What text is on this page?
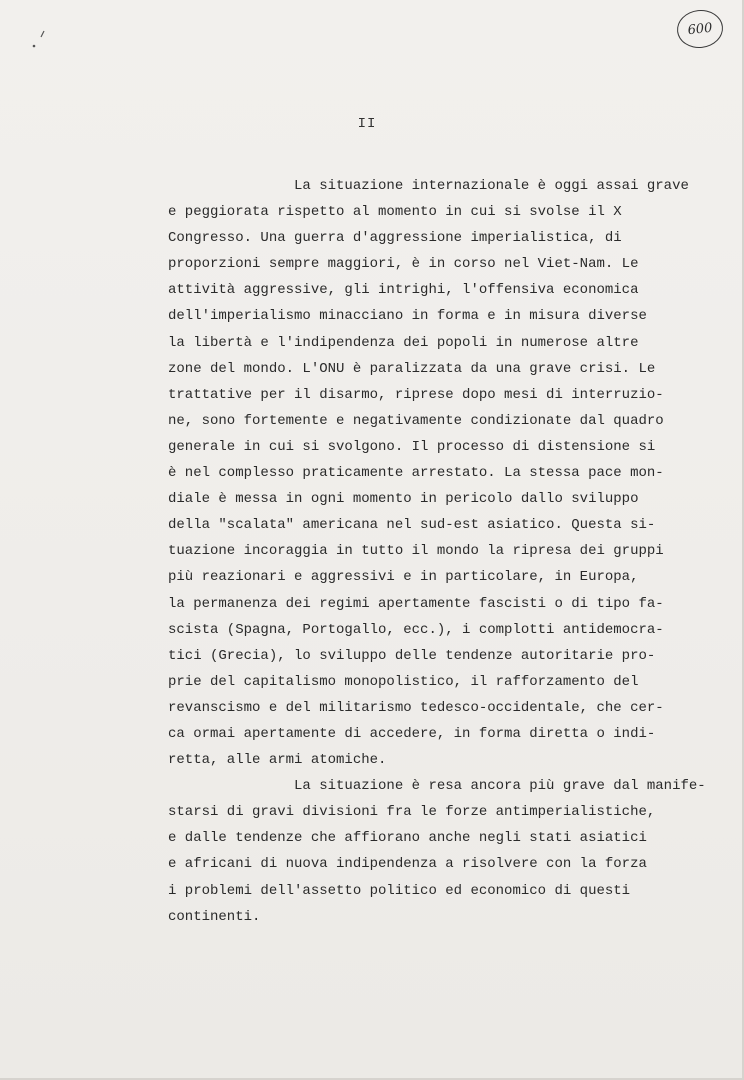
600
II
La situazione internazionale è oggi assai grave
e peggiorata rispetto al momento in cui si svolse il X
Congresso. Una guerra d'aggressione imperialistica, di
proporzioni sempre maggiori, è in corso nel Viet-Nam. Le
attività aggressive, gli intrighi, l'offensiva economica
dell'imperialismo minacciano in forma e in misura diverse
la libertà e l'indipendenza dei popoli in numerose altre
zone del mondo. L'ONU è paralizzata da una grave crisi. Le
trattative per il disarmo, riprese dopo mesi di interruzio-
ne, sono fortemente e negativamente condizionate dal quadro
generale in cui si svolgono. Il processo di distensione si
è nel complesso praticamente arrestato. La stessa pace mon-
diale è messa in ogni momento in pericolo dallo sviluppo
della "scalata" americana nel sud-est asiatico. Questa si-
tuazione incoraggia in tutto il mondo la ripresa dei gruppi
più reazionari e aggressivi e in particolare, in Europa,
la permanenza dei regimi apertamente fascisti o di tipo fa-
scista (Spagna, Portogallo, ecc.), i complotti antidemocra-
tici (Grecia), lo sviluppo delle tendenze autoritarie pro-
prie del capitalismo monopolistico, il rafforzamento del
revanscismo e del militarismo tedesco-occidentale, che cer-
ca ormai apertamente di accedere, in forma diretta o indi-
retta, alle armi atomiche.
La situazione è resa ancora più grave dal manife-
starsi di gravi divisioni fra le forze antimperialistiche,
e dalle tendenze che affiorano anche negli stati asiatici
e africani di nuova indipendenza a risolvere con la forza
i problemi dell'assetto politico ed economico di questi
continenti.
